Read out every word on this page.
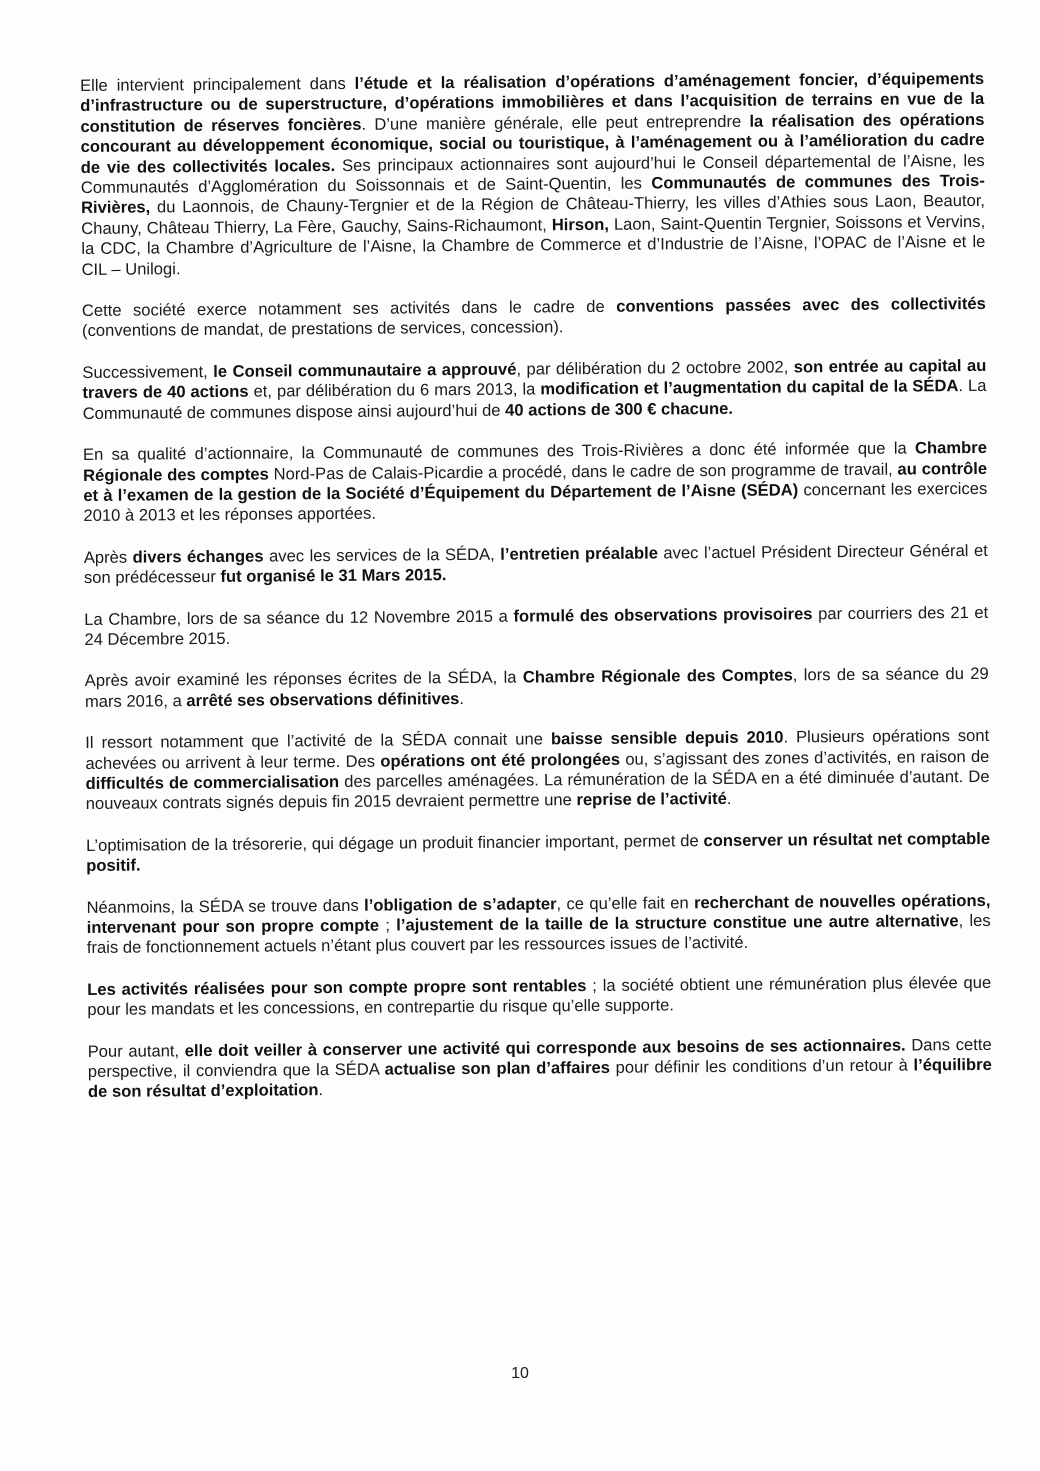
Elle intervient principalement dans l’étude et la réalisation d’opérations d’aménagement foncier, d’équipements d’infrastructure ou de superstructure, d’opérations immobilières et dans l’acquisition de terrains en vue de la constitution de réserves foncières. D’une manière générale, elle peut entreprendre la réalisation des opérations concourant au développement économique, social ou touristique, à l’aménagement ou à l’amélioration du cadre de vie des collectivités locales. Ses principaux actionnaires sont aujourd’hui le Conseil départemental de l’Aisne, les Communautés d’Agglomération du Soissonnais et de Saint-Quentin, les Communautés de communes des Trois-Rivières, du Laonnois, de Chauny-Tergnier et de la Région de Château-Thierry, les villes d’Athies sous Laon, Beautor, Chauny, Château Thierry, La Fère, Gauchy, Sains-Richaumont, Hirson, Laon, Saint-Quentin Tergnier, Soissons et Vervins, la CDC, la Chambre d’Agriculture de l’Aisne, la Chambre de Commerce et d’Industrie de l’Aisne, l’OPAC de l’Aisne et le CIL – Unilogi.

Cette société exerce notamment ses activités dans le cadre de conventions passées avec des collectivités (conventions de mandat, de prestations de services, concession).

Successivement, le Conseil communautaire a approuvé, par délibération du 2 octobre 2002, son entrée au capital au travers de 40 actions et, par délibération du 6 mars 2013, la modification et l’augmentation du capital de la SÉDA. La Communauté de communes dispose ainsi aujourd’hui de 40 actions de 300 € chacune.

En sa qualité d’actionnaire, la Communauté de communes des Trois-Rivières a donc été informée que la Chambre Régionale des comptes Nord-Pas de Calais-Picardie a procédé, dans le cadre de son programme de travail, au contrôle et à l’examen de la gestion de la Société d’Équipement du Département de l’Aisne (SÉDA) concernant les exercices 2010 à 2013 et les réponses apportées.

Après divers échanges avec les services de la SÉDA, l’entretien préalable avec l’actuel Président Directeur Général et son prédécesseur fut organisé le 31 Mars 2015.

La Chambre, lors de sa séance du 12 Novembre 2015 a formulé des observations provisoires par courriers des 21 et 24 Décembre 2015.

Après avoir examiné les réponses écrites de la SÉDA, la Chambre Régionale des Comptes, lors de sa séance du 29 mars 2016, a arrêté ses observations définitives.

Il ressort notamment que l’activité de la SÉDA connait une baisse sensible depuis 2010. Plusieurs opérations sont achevées ou arrivent à leur terme. Des opérations ont été prolongées ou, s’agissant des zones d’activités, en raison de difficultés de commercialisation des parcelles aménagées. La rémunération de la SÉDA en a été diminuée d’autant. De nouveaux contrats signés depuis fin 2015 devraient permettre une reprise de l’activité.

L’optimisation de la trésorerie, qui dégage un produit financier important, permet de conserver un résultat net comptable positif.

Néanmoins, la SÉDA se trouve dans l’obligation de s’adapter, ce qu’elle fait en recherchant de nouvelles opérations, intervenant pour son propre compte ; l’ajustement de la taille de la structure constitue une autre alternative, les frais de fonctionnement actuels n’étant plus couvert par les ressources issues de l’activité.

Les activités réalisées pour son compte propre sont rentables ; la société obtient une rémunération plus élevée que pour les mandats et les concessions, en contrepartie du risque qu’elle supporte.

Pour autant, elle doit veiller à conserver une activité qui corresponde aux besoins de ses actionnaires. Dans cette perspective, il conviendra que la SÉDA actualise son plan d’affaires pour définir les conditions d’un retour à l’équilibre de son résultat d’exploitation.

10
